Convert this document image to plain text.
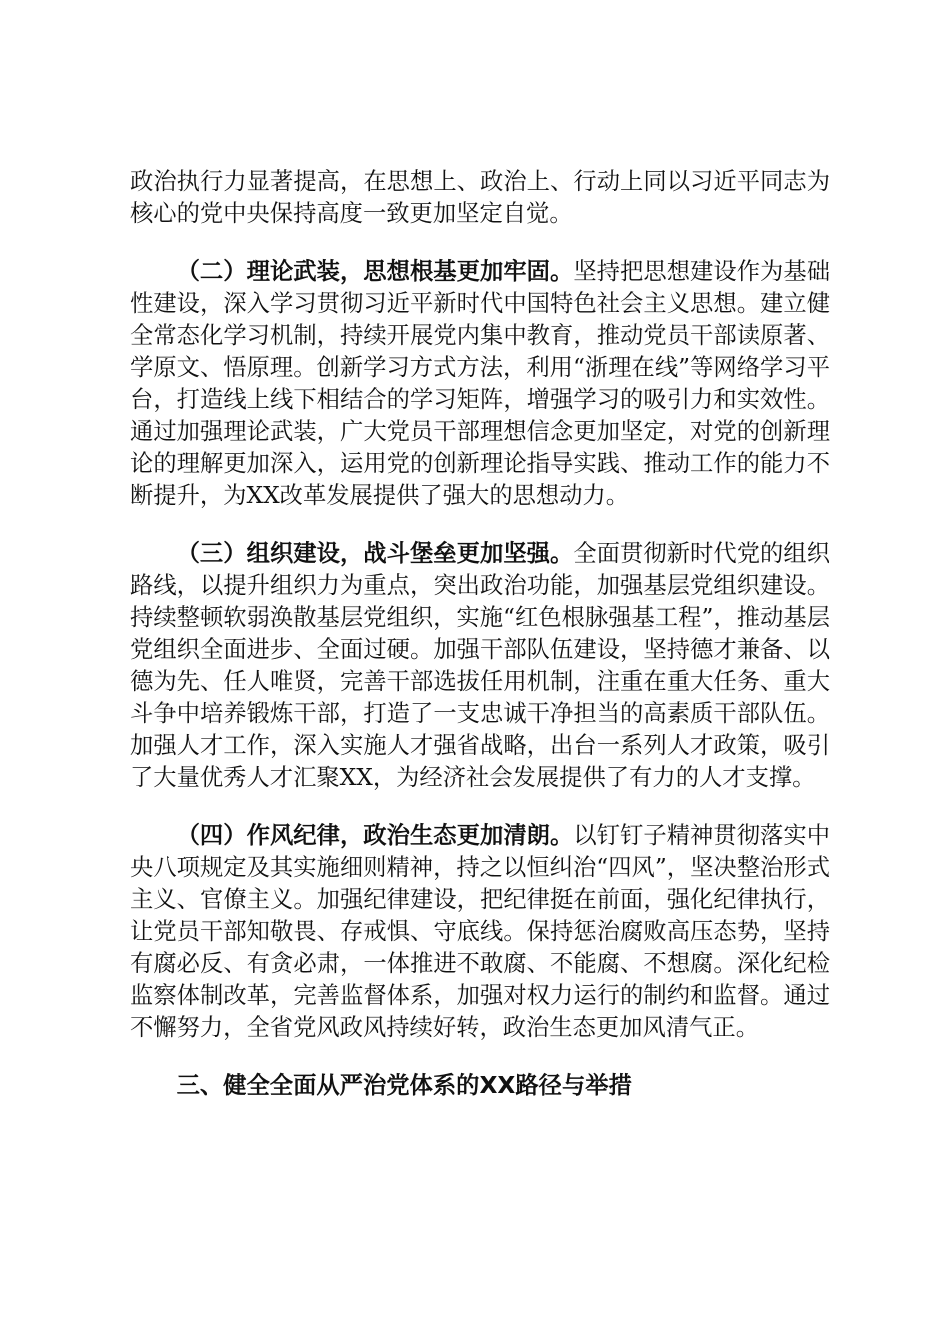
政治执行力显著提高，在思想上、政治上、行动上同以习近平同志为核心的党中央保持高度一致更加坚定自觉。

（二）理论武装，思想根基更加牢固。坚持把思想建设作为基础性建设，深入学习贯彻习近平新时代中国特色社会主义思想。建立健全常态化学习机制，持续开展党内集中教育，推动党员干部读原著、学原文、悟原理。创新学习方式方法，利用“浙理在线”等网络学习平台，打造线上线下相结合的学习矩阵，增强学习的吸引力和实效性。通过加强理论武装，广大党员干部理想信念更加坚定，对党的创新理论的理解更加深入，运用党的创新理论指导实践、推动工作的能力不断提升，为XX改革发展提供了强大的思想动力。

（三）组织建设，战斗堡垒更加坚强。全面贯彻新时代党的组织路线，以提升组织力为重点，突出政治功能，加强基层党组织建设。持续整顿软弱涣散基层党组织，实施“红色根脉强基工程”，推动基层党组织全面进步、全面过硬。加强干部队伍建设，坚持德才兼备、以德为先、任人唯贤，完善干部选拔任用机制，注重在重大任务、重大斗争中培养锻炼干部，打造了一支忠诚干净担当的高素质干部队伍。加强人才工作，深入实施人才强省战略，出台一系列人才政策，吸引了大量优秀人才汇聚XX，为经济社会发展提供了有力的人才支撑。

（四）作风纪律，政治生态更加清朗。以钉钉子精神贯彻落实中央八项规定及其实施细则精神，持之以恒纠治“四风”，坚决整治形式主义、官僚主义。加强纪律建设，把纪律挺在前面，强化纪律执行，让党员干部知敬畏、存戒惧、守底线。保持惩治腐败高压态势，坚持有腐必反、有贪必肃，一体推进不敢腐、不能腐、不想腐。深化纪检监察体制改革，完善监督体系，加强对权力运行的制约和监督。通过不懈努力，全省党风政风持续好转，政治生态更加风清气正。

三、健全全面从严治党体系的XX路径与举措
